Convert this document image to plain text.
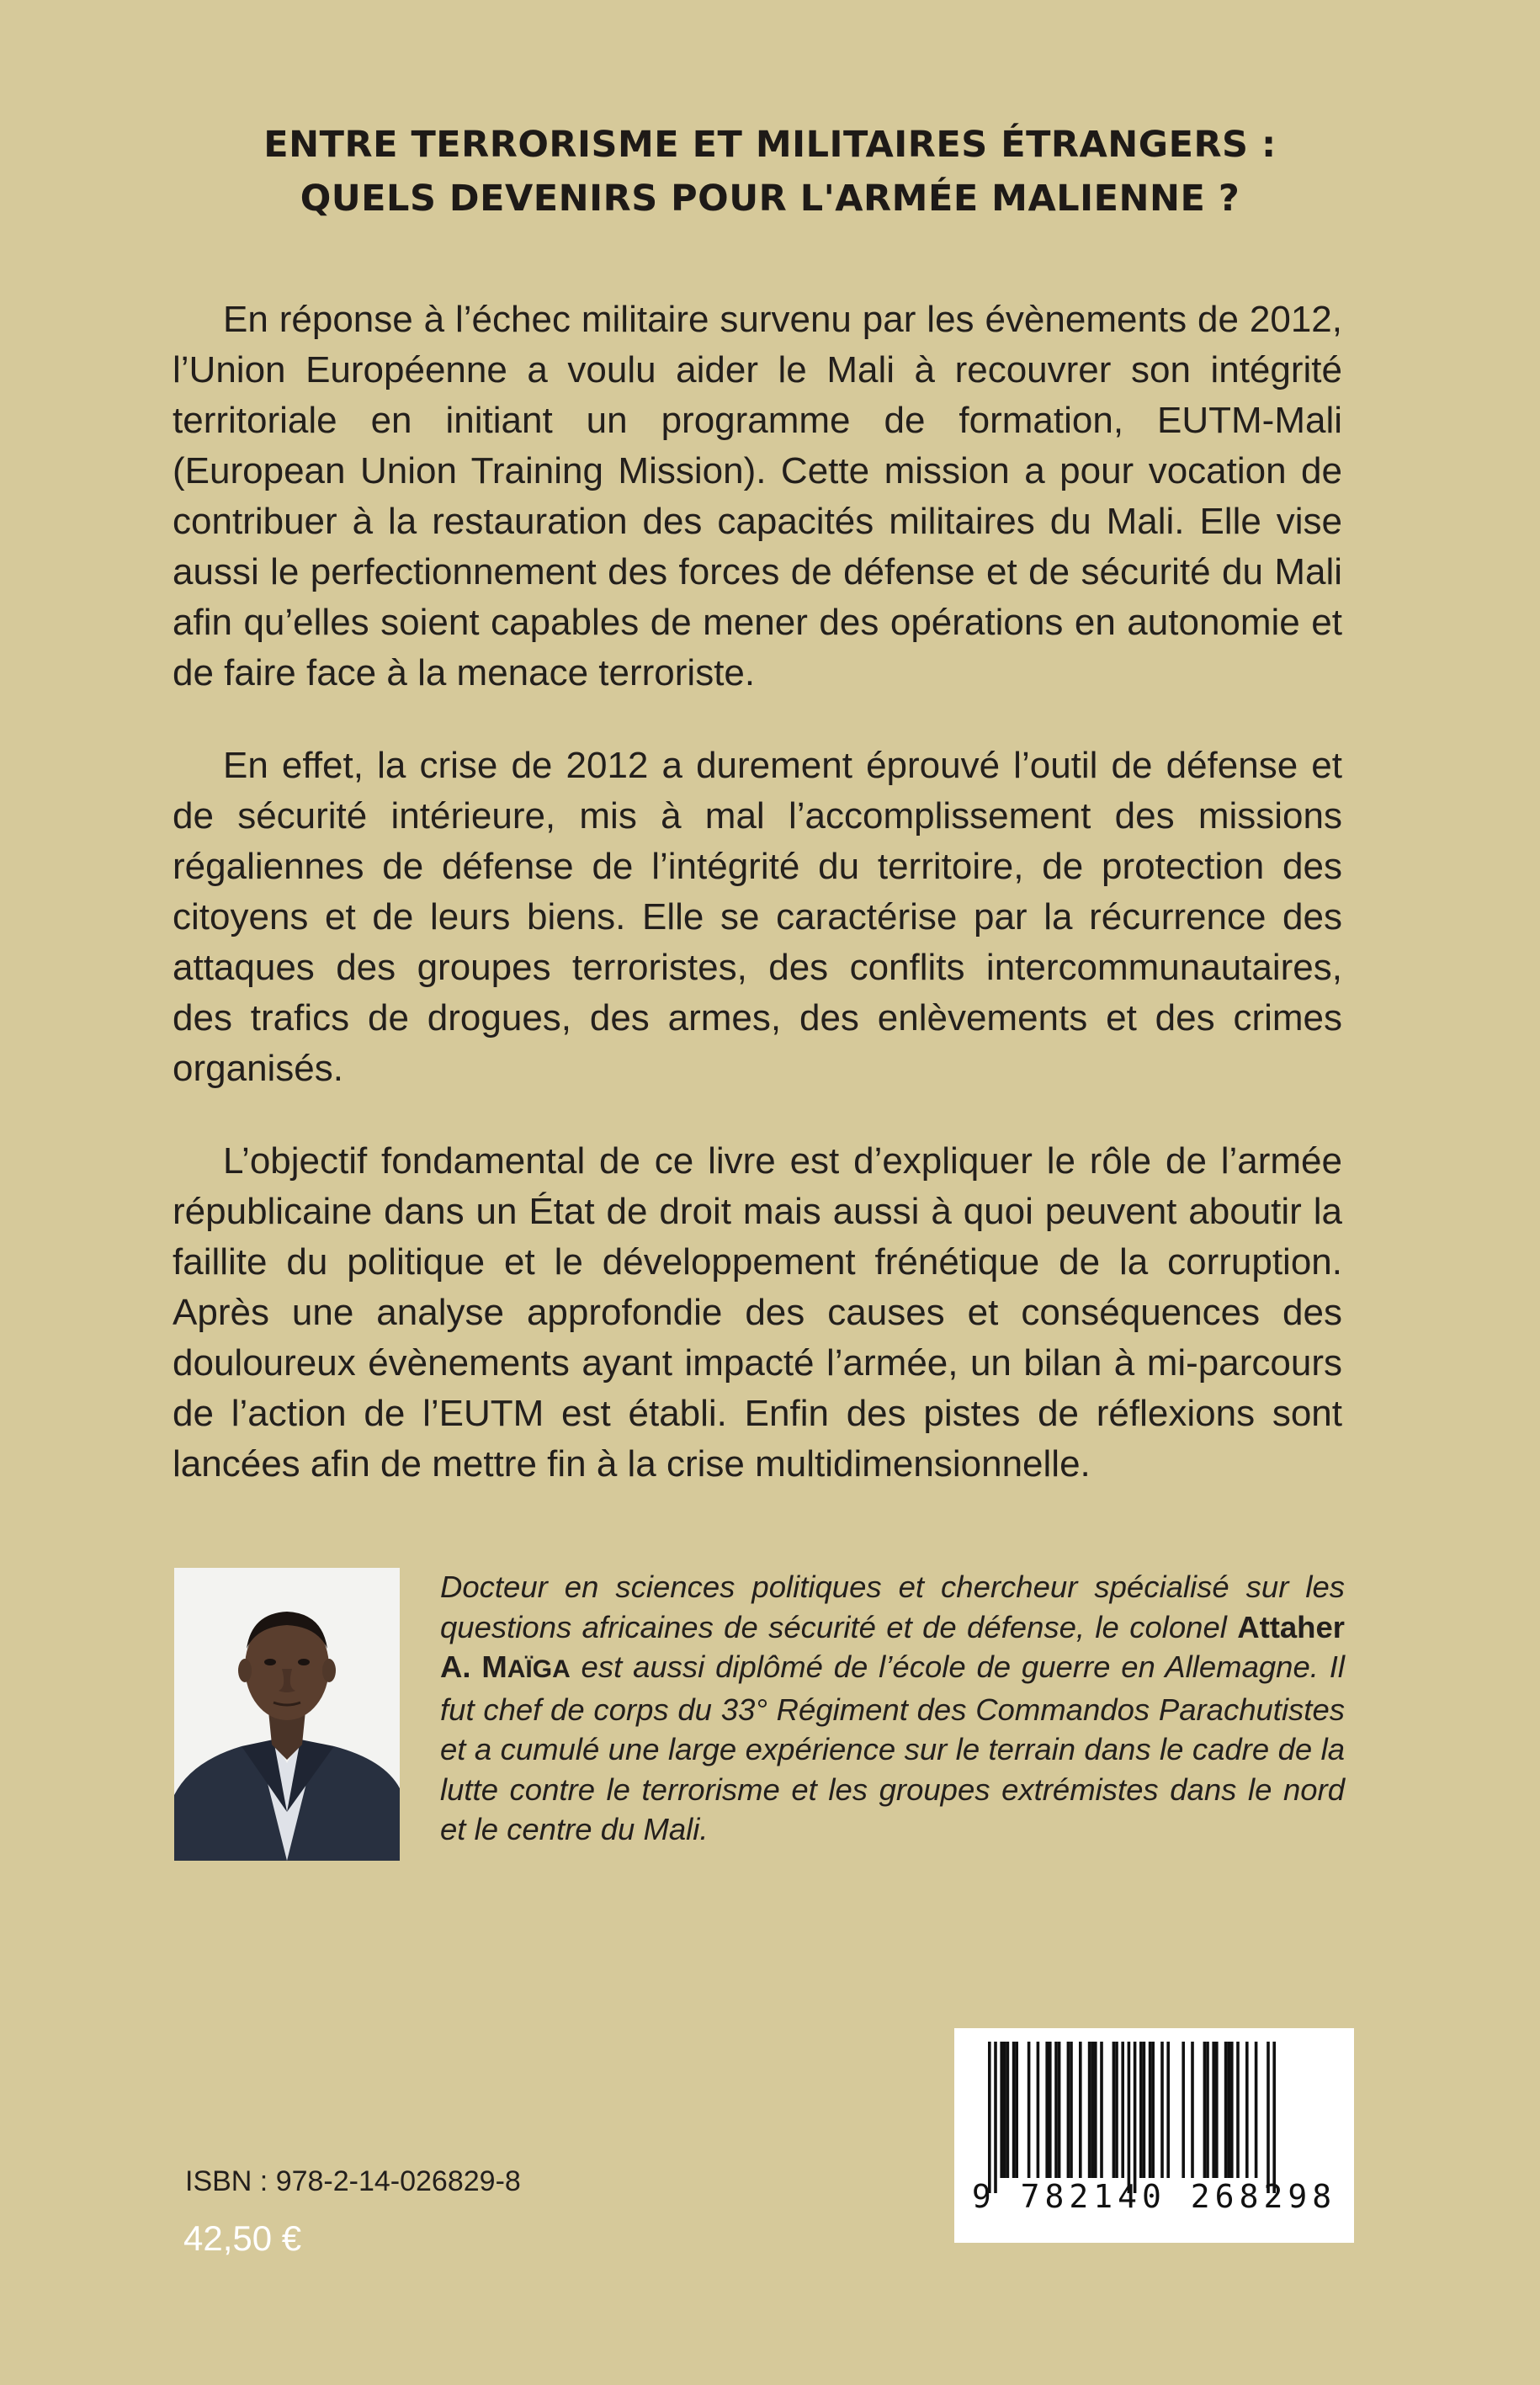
ENTRE TERRORISME ET MILITAIRES ÉTRANGERS :
QUELS DEVENIRS POUR L'ARMÉE MALIENNE ?

En réponse à l’échec militaire survenu par les évènements de 2012, l’Union Européenne a voulu aider le Mali à recouvrer son intégrité territoriale en initiant un programme de formation, EUTM-Mali (European Union Training Mission). Cette mission a pour vocation de contribuer à la restauration des capacités militaires du Mali. Elle vise aussi le perfectionnement des forces de défense et de sécurité du Mali afin qu’elles soient capables de mener des opérations en autonomie et de faire face à la menace terroriste.

En effet, la crise de 2012 a durement éprouvé l’outil de défense et de sécurité intérieure, mis à mal l’accomplissement des missions régaliennes de défense de l’intégrité du territoire, de protection des citoyens et de leurs biens. Elle se caractérise par la récurrence des attaques des groupes terroristes, des conflits intercommunautaires, des trafics de drogues, des armes, des enlèvements et des crimes organisés.

L’objectif fondamental de ce livre est d’expliquer le rôle de l’armée républicaine dans un État de droit mais aussi à quoi peuvent aboutir la faillite du politique et le développement frénétique de la corruption. Après une analyse approfondie des causes et conséquences des douloureux évènements ayant impacté l’armée, un bilan à mi-parcours de l’action de l’EUTM est établi. Enfin des pistes de réflexions sont lancées afin de mettre fin à la crise multidimensionnelle.

Docteur en sciences politiques et chercheur spécialisé sur les questions africaines de sécurité et de défense, le colonel Attaher A. MAÏGA est aussi diplômé de l’école de guerre en Allemagne. Il fut chef de corps du 33° Régiment des Commandos Parachutistes et a cumulé une large expérience sur le terrain dans le cadre de la lutte contre le terrorisme et les groupes extrémistes dans le nord et le centre du Mali.
9 782140 268298
ISBN : 978-2-14-026829-8
42,50 €
